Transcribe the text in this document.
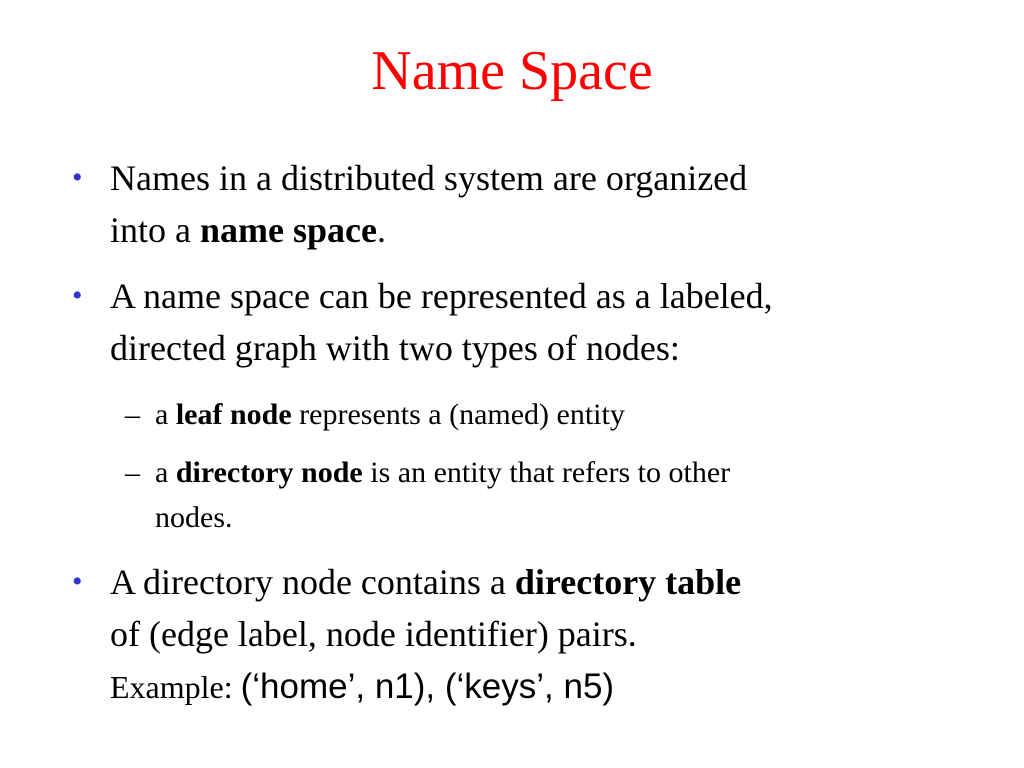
Name Space
• Names in a distributed system are organized
into a name space.
• A name space can be represented as a labeled,
directed graph with two types of nodes:
– a leaf node represents a (named) entity
– a directory node is an entity that refers to other
nodes.
• A directory node contains a directory table
of (edge label, node identifier) pairs.
Example: (‘home’, n1), (‘keys’, n5)
